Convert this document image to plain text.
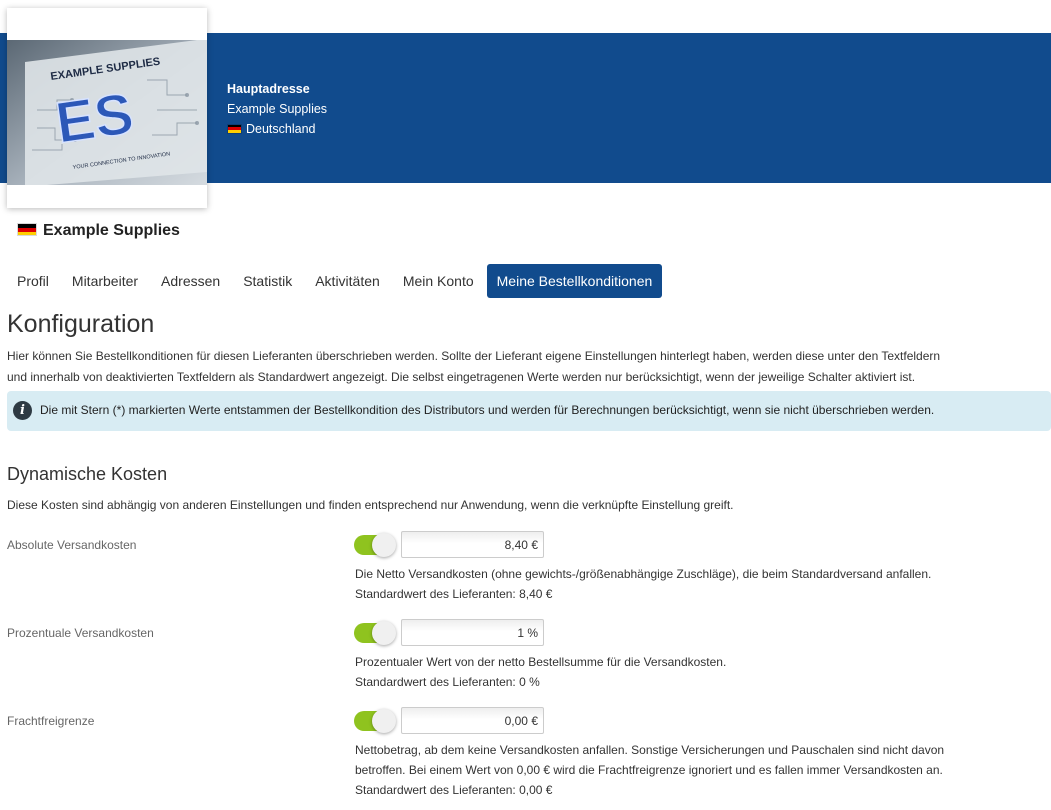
Hauptadresse
Example Supplies
Deutschland
EXAMPLE SUPPLIES
ES
YOUR CONNECTION TO INNOVATION
Example Supplies
Profil	Mitarbeiter	Adressen	Statistik	Aktivitäten	Mein Konto	Meine Bestellkonditionen
Konfiguration
Hier können Sie Bestellkonditionen für diesen Lieferanten überschrieben werden. Sollte der Lieferant eigene Einstellungen hinterlegt haben, werden diese unter den Textfeldern
und innerhalb von deaktivierten Textfeldern als Standardwert angezeigt. Die selbst eingetragenen Werte werden nur berücksichtigt, wenn der jeweilige Schalter aktiviert ist.
i	Die mit Stern (*) markierten Werte entstammen der Bestellkondition des Distributors und werden für Berechnungen berücksichtigt, wenn sie nicht überschrieben werden.
Dynamische Kosten
Diese Kosten sind abhängig von anderen Einstellungen und finden entsprechend nur Anwendung, wenn die verknüpfte Einstellung greift.
Absolute Versandkosten
8,40 €
Die Netto Versandkosten (ohne gewichts-/größenabhängige Zuschläge), die beim Standardversand anfallen.
Standardwert des Lieferanten: 8,40 €
Prozentuale Versandkosten
1 %
Prozentualer Wert von der netto Bestellsumme für die Versandkosten.
Standardwert des Lieferanten: 0 %
Frachtfreigrenze
0,00 €
Nettobetrag, ab dem keine Versandkosten anfallen. Sonstige Versicherungen und Pauschalen sind nicht davon
betroffen. Bei einem Wert von 0,00 € wird die Frachtfreigrenze ignoriert und es fallen immer Versandkosten an.
Standardwert des Lieferanten: 0,00 €
